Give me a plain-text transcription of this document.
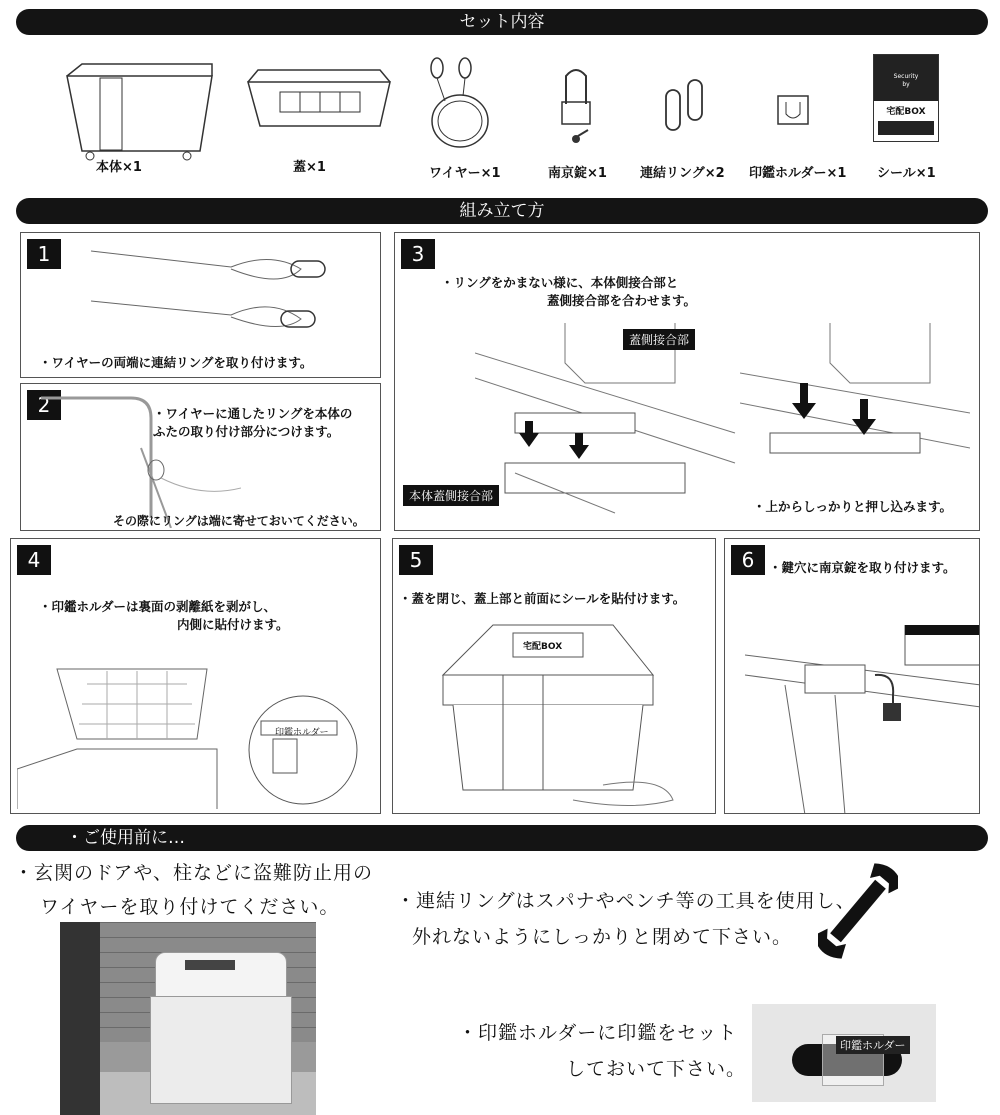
セット内容
本体×1	蓋×1	ワイヤー×1	南京錠×1	連結リング×2 印鑑ホルダー×1
Security
by
宅配BOX
シール×1
組み立て方
1
・ワイヤーの両端に連結リングを取り付けます。
2	・ワイヤーに通したリングを本体の
ふたの取り付け部分につけます。
その際にリングは端に寄せておいてください。
3
・リングをかまない様に、本体側接合部と
蓋側接合部を合わせます。
蓋側接合部
本体蓋側接合部
・上からしっかりと押し込みます。
4
・印鑑ホルダーは裏面の剥離紙を剥がし、
内側に貼付けます。
印鑑ホルダー
5
・蓋を閉じ、蓋上部と前面にシールを貼付けます。
宅配BOX
6	・鍵穴に南京錠を取り付けます。
・ご使用前に…
・玄関のドアや、柱などに盗難防止用の
ワイヤーを取り付けてください。	・連結リングはスパナやペンチ等の工具を使用し、
外れないようにしっかりと閉めて下さい。
・印鑑ホルダーに印鑑をセット
しておいて下さい。
印鑑ホルダー
